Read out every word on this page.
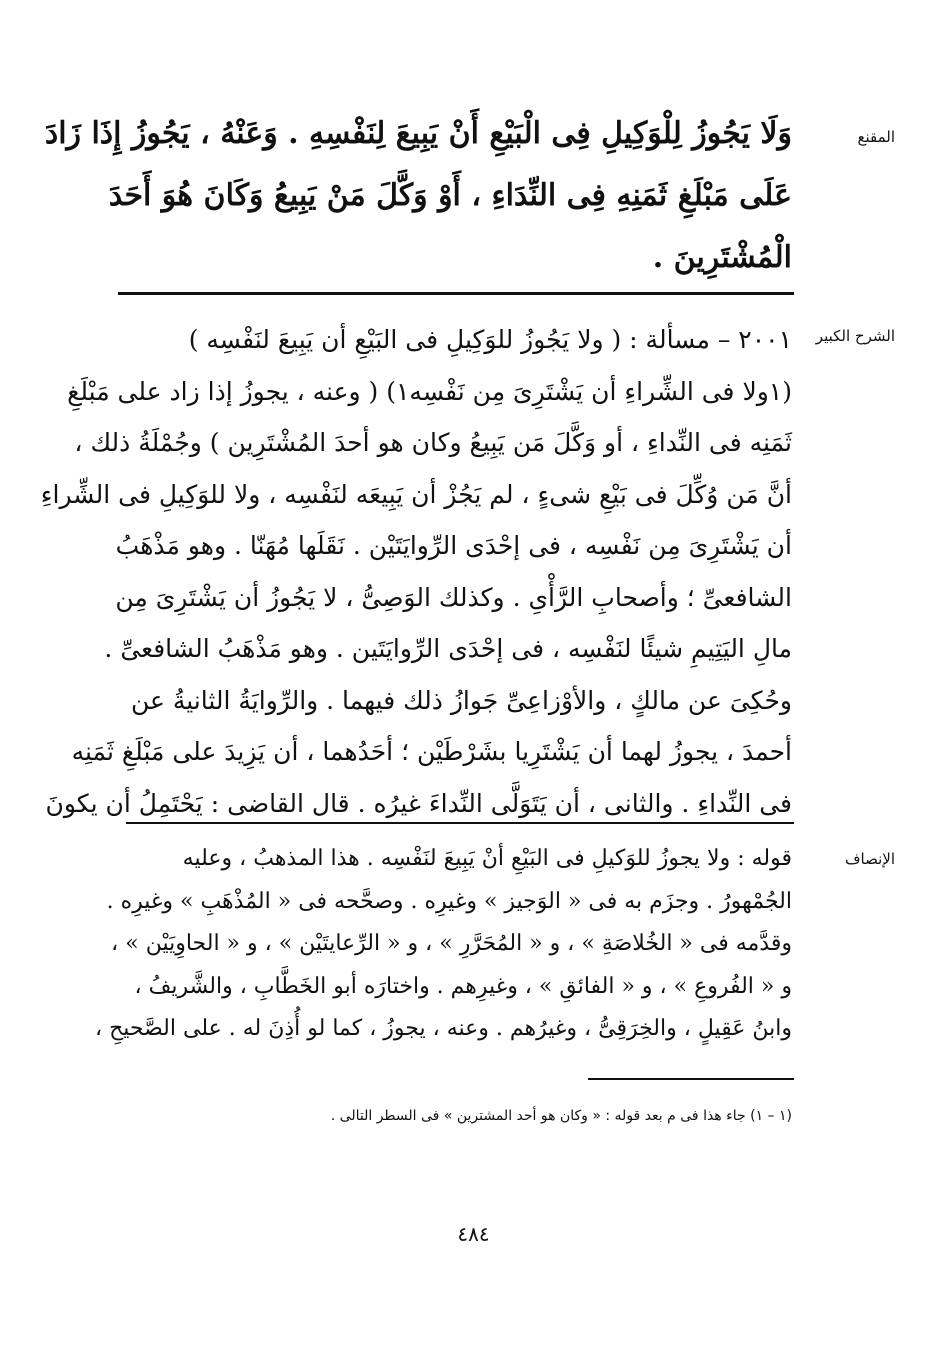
المقنع
وَلَا يَجُوزُ لِلْوَكِيلِ فِى الْبَيْعِ أَنْ يَبِيعَ لِنَفْسِهِ . وَعَنْهُ ، يَجُوزُ إِذَا زَادَ
عَلَى مَبْلَغِ ثَمَنِهِ فِى النِّدَاءِ ، أَوْ وَكَّلَ مَنْ يَبِيعُ وَكَانَ هُوَ أَحَدَ
الْمُشْتَرِينَ .
الشرح الكبير
٢٠٠١ – مسألة : ( ولا يَجُوزُ للوَكِيلِ فى البَيْعِ أن يَبِيعَ لنَفْسِه )
(١ولا فى الشِّراءِ أن يَشْتَرِىَ مِن نَفْسِه١) ( وعنه ، يجوزُ إذا زاد على مَبْلَغِ
ثَمَنِه فى النِّداءِ ، أو وَكَّلَ مَن يَبِيعُ وكان هو أحدَ المُشْتَرِين ) وجُمْلَةُ ذلك ،
أنَّ مَن وُكِّلَ فى بَيْعِ شىءٍ ، لم يَجُزْ أن يَبِيعَه لنَفْسِه ، ولا للوَكِيلِ فى الشِّراءِ
أن يَشْتَرِىَ مِن نَفْسِه ، فى إحْدَى الرِّوايَتَيْن . نَقَلَها مُهَنّا . وهو مَذْهَبُ
الشافعىِّ ؛ وأصحابِ الرَّأْىِ . وكذلك الوَصِىُّ ، لا يَجُوزُ أن يَشْتَرِىَ مِن
مالِ اليَتِيمِ شيئًا لنَفْسِه ، فى إحْدَى الرِّوايَتَين . وهو مَذْهَبُ الشافعىِّ .
وحُكِىَ عن مالكٍ ، والأوْزاعِىِّ جَوازُ ذلك فيهما . والرِّوايَةُ الثانيةُ عن
أحمدَ ، يجوزُ لهما أن يَشْتَرِيا بشَرْطَيْن ؛ أحَدُهما ، أن يَزِيدَ على مَبْلَغِ ثَمَنِه
فى النِّداءِ . والثانى ، أن يَتَوَلَّى النِّداءَ غيرُه . قال القاضى : يَحْتَمِلُ أن يكونَ
الإنصاف
قوله : ولا يجوزُ للوَكيلِ فى البَيْعِ أنْ يَبِيعَ لنَفْسِه . هذا المذهبُ ، وعليه
الجُمْهورُ . وجزَم به فى « الوَجيز » وغيرِه . وصحَّحه فى « المُذْهَبِ » وغيرِه .
وقدَّمه فى « الخُلاصَةِ » ، و « المُحَرَّرِ » ، و « الرِّعايتَيْن » ، و « الحاوِيَيْن » ،
و « الفُروعِ » ، و « الفائقِ » ، وغيرِهم . واختارَه أبو الخَطَّابِ ، والشَّريفُ ،
وابنُ عَقِيلٍ ، والخِرَقِىُّ ، وغيرُهم . وعنه ، يجوزُ ، كما لو أُذِنَ له . على الصَّحيحِ ،
(١ – ١) جاء هذا فى م بعد قوله : « وكان هو أحد المشترين » فى السطر التالى .
٤٨٤
